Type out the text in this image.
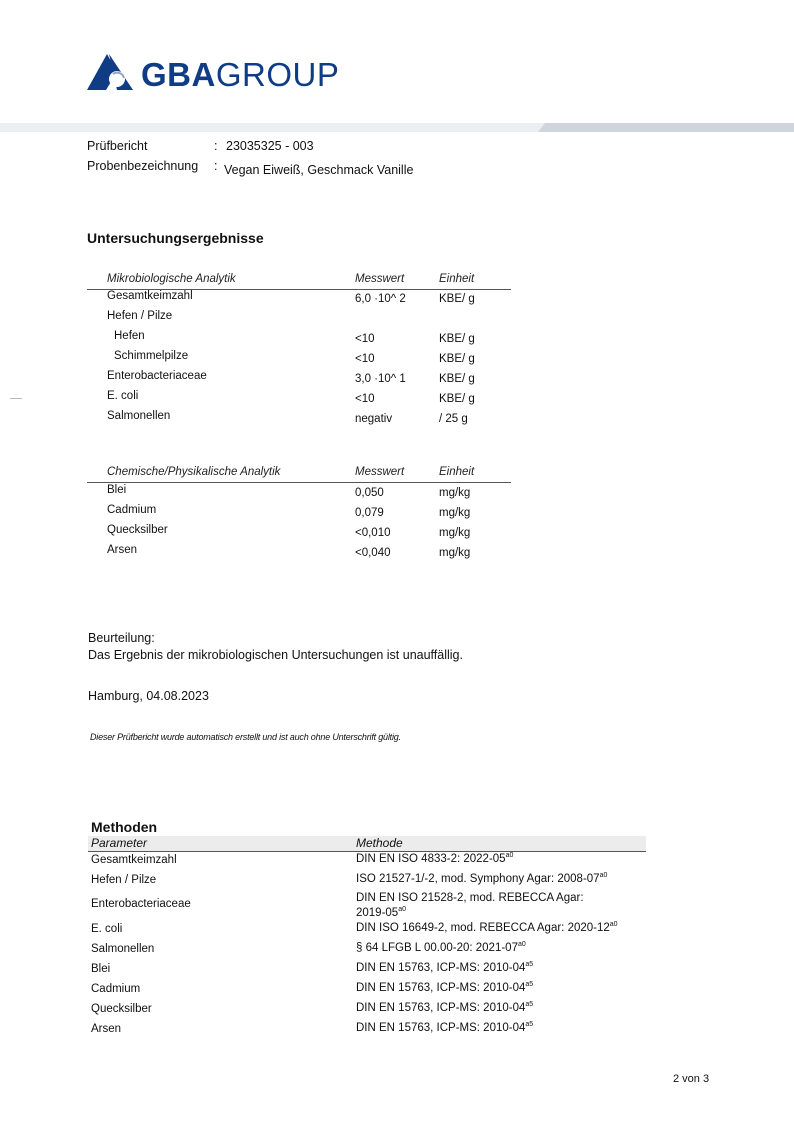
GBAGROUP
Prüfbericht	: 23035325 - 003
Probenbezeichnung : Vegan Eiweiß, Geschmack Vanille
Untersuchungsergebnisse
Mikrobiologische Analytik	Messwert	Einheit
Gesamtkeimzahl	6,0 ·10^ 2	KBE/ g
Hefen / Pilze
Hefen	<10	KBE/ g
Schimmelpilze	<10	KBE/ g
Enterobacteriaceae	3,0 ·10^ 1	KBE/ g
E. coli	<10	KBE/ g
Salmonellen	negativ	/ 25 g
Chemische/Physikalische Analytik	Messwert	Einheit
Blei	0,050	mg/kg
Cadmium	0,079	mg/kg
Quecksilber	<0,010	mg/kg
Arsen	<0,040	mg/kg
Beurteilung:
Das Ergebnis der mikrobiologischen Untersuchungen ist unauffällig.
Hamburg, 04.08.2023
Dieser Prüfbericht wurde automatisch erstellt und ist auch ohne Unterschrift gültig.
Methoden
Parameter	Methode
Gesamtkeimzahl	DIN EN ISO 4833-2: $2022-05^{a0}$
Hefen / Pilze	ISO 21527-1/-2, mod. Symphony Agar: $2008-07^{a0}$
Enterobacteriaceae	DIN EN ISO 21528-2, mod. REBECCA Agar:
$2019-05^{a0}$
E. coli	DIN ISO 16649-2, mod. REBECCA Agar: $2020-12^{a0}$
Salmonellen	§ 64 LFGB L 00.00-20: $2021-07^{a0}$
Blei	DIN EN 15763, ICP-MS: $2010-04^{a5}$
Cadmium	DIN EN 15763, ICP-MS: $2010-04^{a5}$
Quecksilber	DIN EN 15763, ICP-MS: $2010-04^{a5}$
Arsen	DIN EN 15763, ICP-MS: $2010-04^{a5}$
2 von 3
